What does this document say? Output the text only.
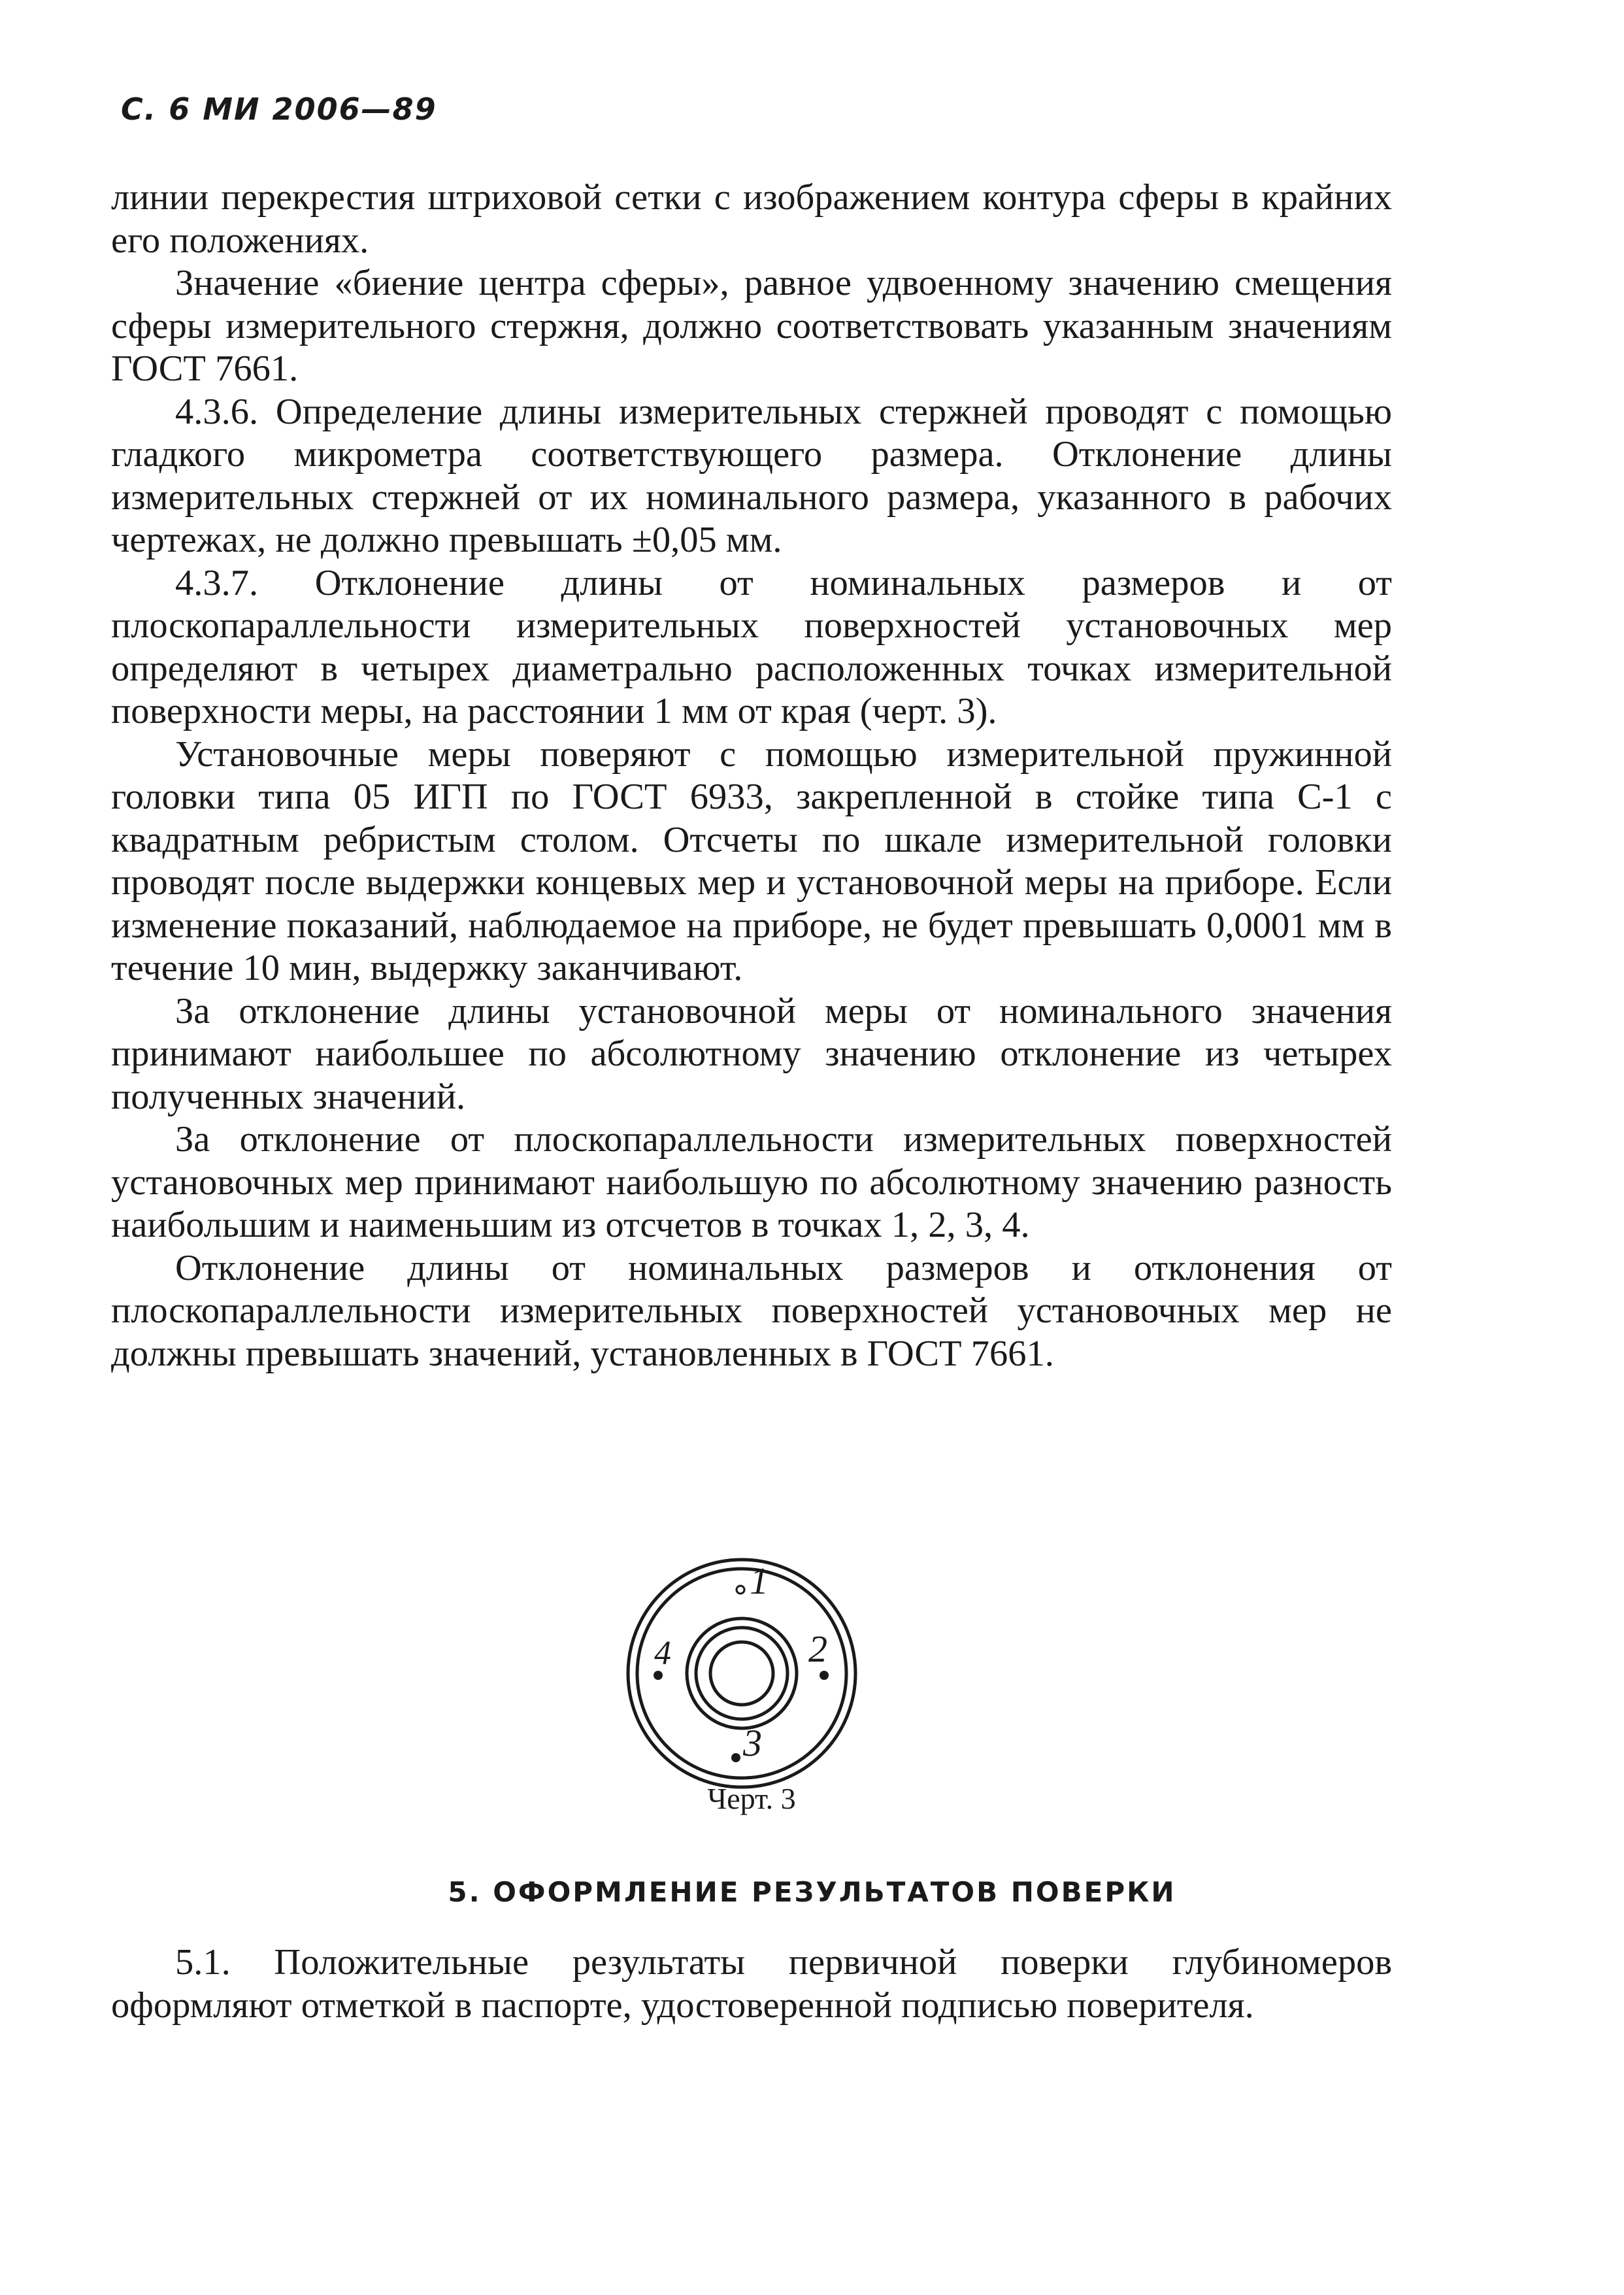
С. 6 МИ 2006—89

линии перекрестия штриховой сетки с изображением контура сферы в крайних его положениях.

Значение «биение центра сферы», равное удвоенному значению смещения сферы измерительного стержня, должно соответствовать указанным значениям ГОСТ 7661.

4.3.6. Определение длины измерительных стержней проводят с помощью гладкого микрометра соответствующего размера. Отклонение длины измерительных стержней от их номинального размера, указанного в рабочих чертежах, не должно превышать ±0,05 мм.

4.3.7. Отклонение длины от номинальных размеров и от плоскопараллельности измерительных поверхностей установочных мер определяют в четырех диаметрально расположенных точках измерительной поверхности меры, на расстоянии 1 мм от края (черт. 3).

Установочные меры поверяют с помощью измерительной пружинной головки типа 05 ИГП по ГОСТ 6933, закрепленной в стойке типа С-1 с квадратным ребристым столом. Отсчеты по шкале измерительной головки проводят после выдержки концевых мер и установочной меры на приборе. Если изменение показаний, наблюдаемое на приборе, не будет превышать 0,0001 мм в течение 10 мин, выдержку заканчивают.

За отклонение длины установочной меры от номинального значения принимают наибольшее по абсолютному значению отклонение из четырех полученных значений.

За отклонение от плоскопараллельности измерительных поверхностей установочных мер принимают наибольшую по абсолютному значению разность наибольшим и наименьшим из отсчетов в точках 1, 2, 3, 4.

Отклонение длины от номинальных размеров и отклонения от плоскопараллельности измерительных поверхностей установочных мер не должны превышать значений, установленных в ГОСТ 7661.

1
2
3
4
Черт. 3
5. ОФОРМЛЕНИЕ РЕЗУЛЬТАТОВ ПОВЕРКИ

5.1. Положительные результаты первичной поверки глубиномеров оформляют отметкой в паспорте, удостоверенной подписью поверителя.
